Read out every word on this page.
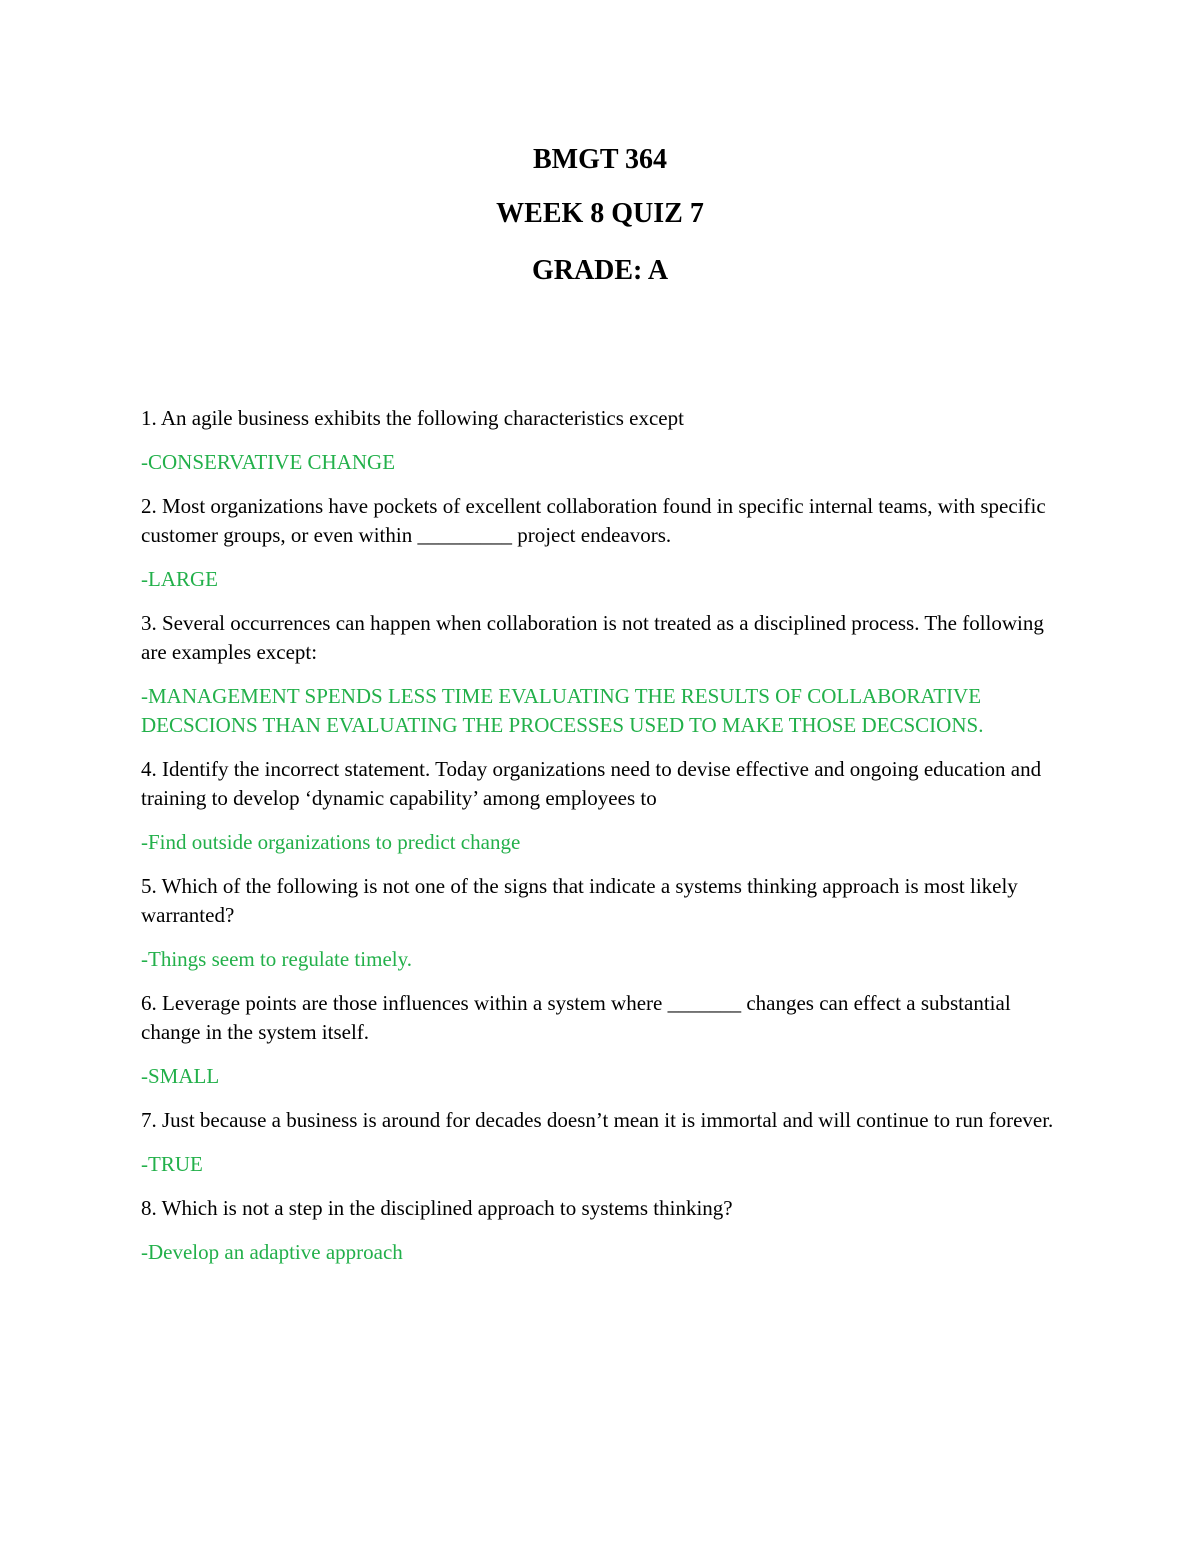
BMGT 364
WEEK 8 QUIZ 7
GRADE: A

1. An agile business exhibits the following characteristics except

-CONSERVATIVE CHANGE

2. Most organizations have pockets of excellent collaboration found in specific internal teams, with specific customer groups, or even within _________ project endeavors.

-LARGE

3. Several occurrences can happen when collaboration is not treated as a disciplined process. The following are examples except:

-MANAGEMENT SPENDS LESS TIME EVALUATING THE RESULTS OF COLLABORATIVE DECSCIONS THAN EVALUATING THE PROCESSES USED TO MAKE THOSE DECSCIONS.

4. Identify the incorrect statement. Today organizations need to devise effective and ongoing education and training to develop ‘dynamic capability’ among employees to

-Find outside organizations to predict change

5. Which of the following is not one of the signs that indicate a systems thinking approach is most likely warranted?

-Things seem to regulate timely.

6. Leverage points are those influences within a system where _______ changes can effect a substantial change in the system itself.

-SMALL

7. Just because a business is around for decades doesn’t mean it is immortal and will continue to run forever.

-TRUE

8. Which is not a step in the disciplined approach to systems thinking?

-Develop an adaptive approach
